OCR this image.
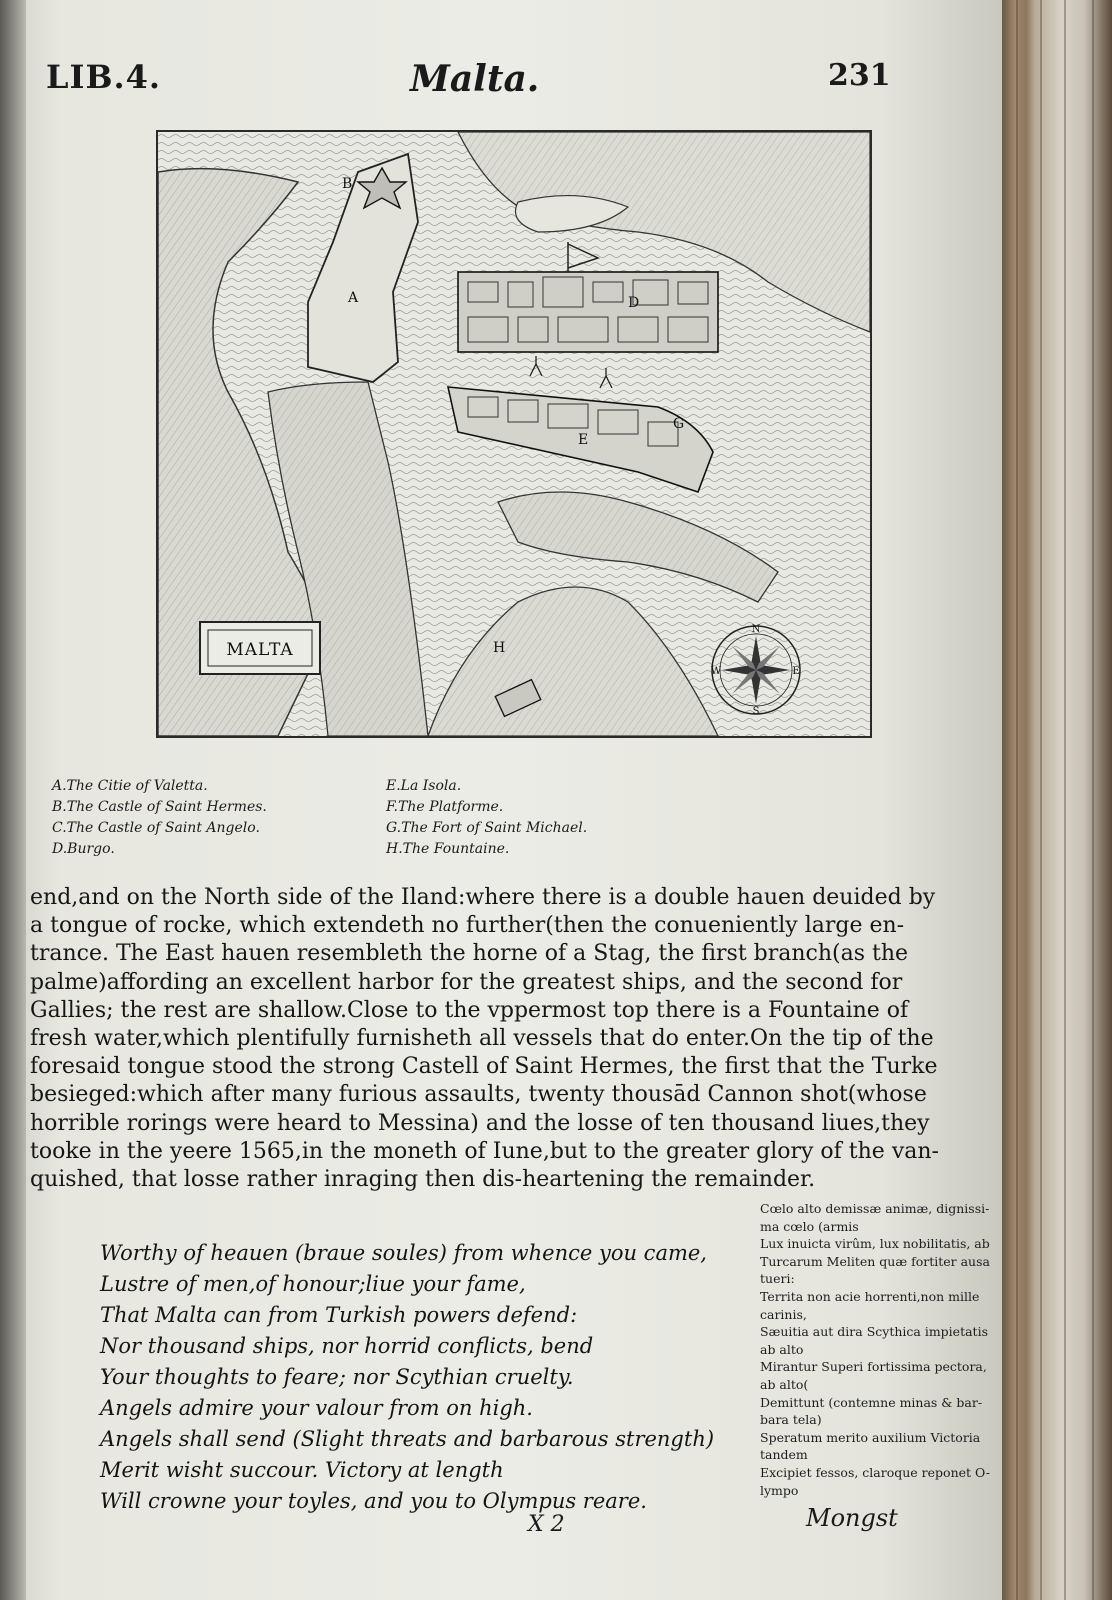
LIB.4.	Malta.	231
B
A	D
E
G
H
MALTA
N
E
S
W
A.The Citie of Valetta.
B.The Castle of Saint Hermes.
C.The Castle of Saint Angelo.
D.Burgo.
E.La Isola.
F.The Platforme.
G.The Fort of Saint Michael.
H.The Fountaine.

end,and on the North side of the Iland:where there is a double hauen deuided by

a tongue of rocke, which extendeth no further(then the conueniently large en-

trance. The East hauen resembleth the horne of a Stag, the first branch(as the

palme)affording an excellent harbor for the greatest ships, and the second for

Gallies; the rest are shallow.Close to the vppermost top there is a Fountaine of

fresh water,which plentifully furnisheth all vessels that do enter.On the tip of the

foresaid tongue stood the strong Castell of Saint Hermes, the first that the Turke

besieged:which after many furious assaults, twenty thousād Cannon shot(whose

horrible rorings were heard to Messina) and the losse of ten thousand liues,they

tooke in the yeere 1565,in the moneth of Iune,but to the greater glory of the van-

quished, that losse rather inraging then dis-heartening the remainder.

Worthy of heauen (braue soules) from whence you came,

Lustre of men,of honour;liue your fame,

That Malta can from Turkish powers defend:

Nor thousand ships, nor horrid conflicts, bend

Your thoughts to feare; nor Scythian cruelty.

Angels admire your valour from on high.

Angels shall send (Slight threats and barbarous strength)

Merit wisht succour. Victory at length

Will crowne your toyles, and you to Olympus reare.

Cœlo alto demissæ animæ, dignissi-

ma cœlo (armis

Lux inuicta virûm, lux nobilitatis, ab

Turcarum Meliten quæ fortiter ausa

tueri:

Territa non acie horrenti,non mille

carinis,

Sæuitia aut dira Scythica impietatis

ab alto

Mirantur Superi fortissima pectora,

ab alto(

Demittunt (contemne minas & bar-

bara tela)

Speratum merito auxilium Victoria

tandem

Excipiet fessos, claroque reponet O-

lympo

X 2	Mongst
